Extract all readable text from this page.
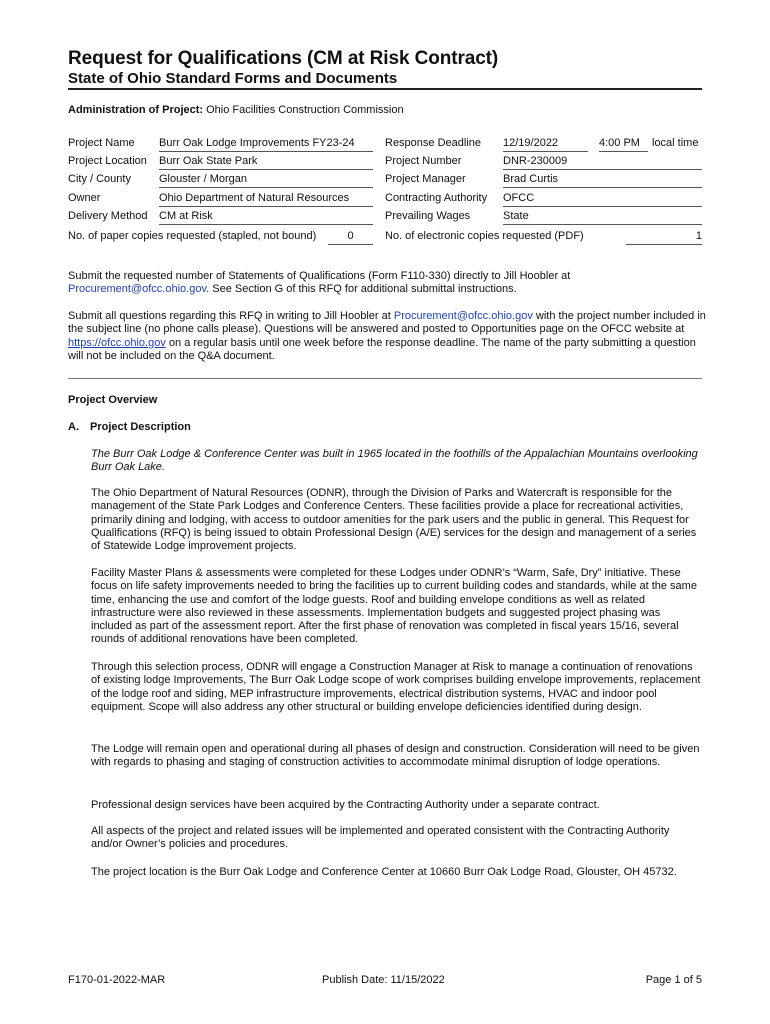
Request for Qualifications (CM at Risk Contract)
State of Ohio Standard Forms and Documents
Administration of Project: Ohio Facilities Construction Commission
Project Name Burr Oak Lodge Improvements FY23-24
Project Location Burr Oak State Park
City / County	Glouster / Morgan
Owner	Ohio Department of Natural Resources
Delivery Method CM at Risk
No. of paper copies requested (stapled, not bound)	0
Response Deadline 12/19/2022	4:00 PM	local time
Project Number	DNR-230009
Project Manager	Brad Curtis
Contracting Authority OFCC
Prevailing Wages	State
No. of electronic copies requested (PDF)	1

Submit the requested number of Statements of Qualifications (Form F110-330) directly to Jill Hoobler at
Procurement@ofcc.ohio.gov. See Section G of this RFQ for additional submittal instructions.

Submit all questions regarding this RFQ in writing to Jill Hoobler at Procurement@ofcc.ohio.gov with the project number included in the subject line (no phone calls please). Questions will be answered and posted to Opportunities page on the OFCC website at https://ofcc.ohio.gov on a regular basis until one week before the response deadline. The name of the party submitting a question will not be included on the Q&A document.

Project Overview
A. Project Description

The Burr Oak Lodge & Conference Center was built in 1965 located in the foothills of the Appalachian Mountains overlooking Burr Oak Lake.

The Ohio Department of Natural Resources (ODNR), through the Division of Parks and Watercraft is responsible for the management of the State Park Lodges and Conference Centers. These facilities provide a place for recreational activities, primarily dining and lodging, with access to outdoor amenities for the park users and the public in general. This Request for Qualifications (RFQ) is being issued to obtain Professional Design (A/E) services for the design and management of a series of Statewide Lodge improvement projects.

Facility Master Plans & assessments were completed for these Lodges under ODNR’s “Warm, Safe, Dry” initiative. These focus on life safety improvements needed to bring the facilities up to current building codes and standards, while at the same time, enhancing the use and comfort of the lodge guests. Roof and building envelope conditions as well as related infrastructure were also reviewed in these assessments. Implementation budgets and suggested project phasing was included as part of the assessment report. After the first phase of renovation was completed in fiscal years 15/16, several rounds of additional renovations have been completed.

Through this selection process, ODNR will engage a Construction Manager at Risk to manage a continuation of renovations of existing lodge Improvements, The Burr Oak Lodge scope of work comprises building envelope improvements, replacement of the lodge roof and siding, MEP infrastructure improvements, electrical distribution systems, HVAC and indoor pool equipment. Scope will also address any other structural or building envelope deficiencies identified during design.

The Lodge will remain open and operational during all phases of design and construction. Consideration will need to be given with regards to phasing and staging of construction activities to accommodate minimal disruption of lodge operations.

Professional design services have been acquired by the Contracting Authority under a separate contract.

All aspects of the project and related issues will be implemented and operated consistent with the Contracting Authority and/or Owner’s policies and procedures.

The project location is the Burr Oak Lodge and Conference Center at 10660 Burr Oak Lodge Road, Glouster, OH 45732.

F170-01-2022-MAR	Publish Date: 11/15/2022	Page 1 of 5
